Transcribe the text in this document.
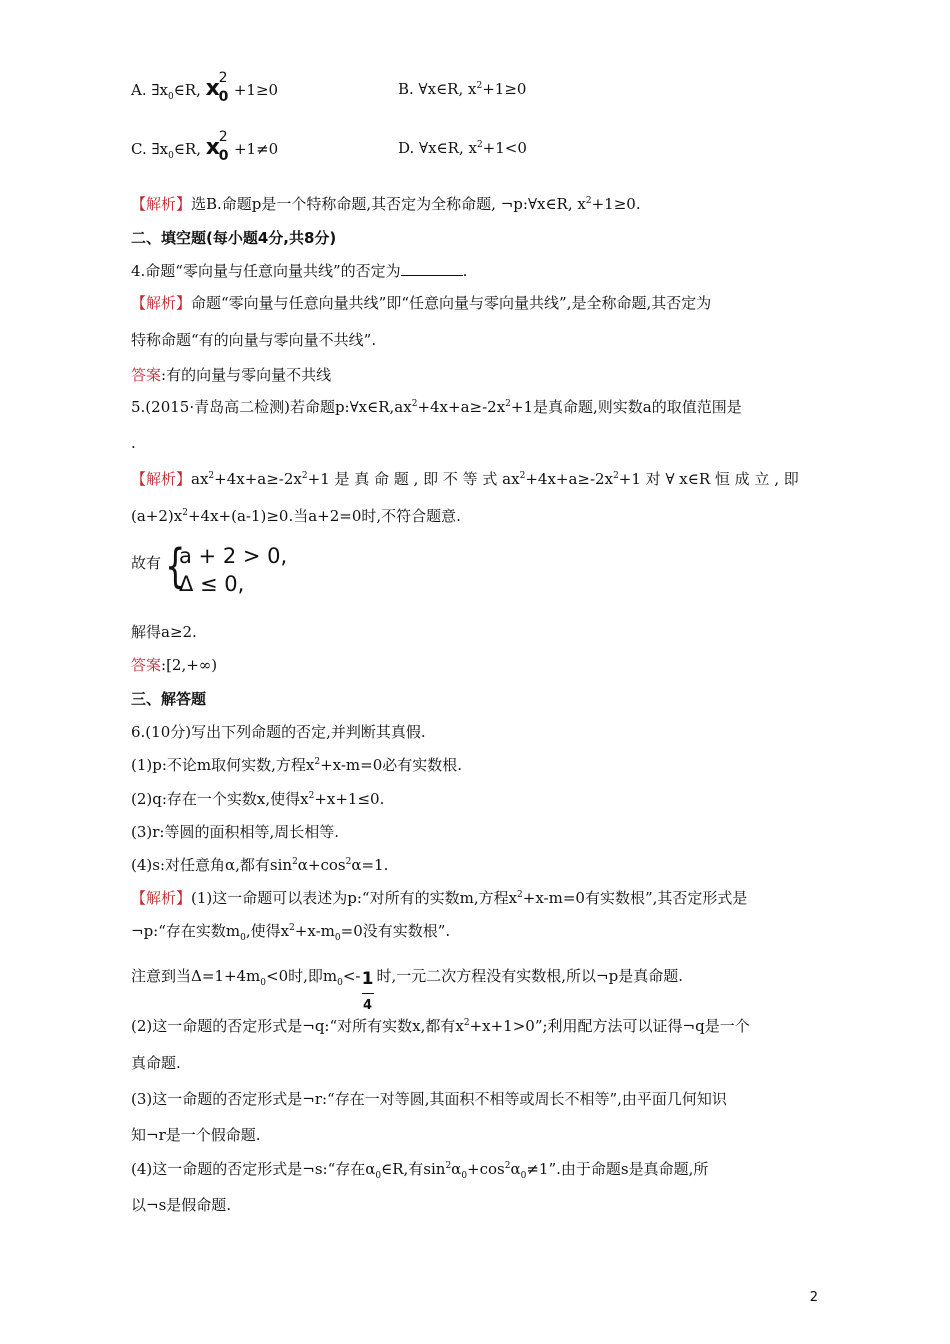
A. $\exists x_0\in R$, x
2
0 +1≥0	B. ∀x∈R, $x^2+1\ge 0$
C. $\exists x_0\in R$, x
2
0 +1≠0	D. ∀x∈R, $x^2+1<0$
【解析】选B.命题p是一个特称命题,其否定为全称命题, ¬p:∀x∈R, $x^2+1\ge 0$.
二、填空题(每小题4分,共8分)
4.命题“零向量与任意向量共线”的否定为	.
【解析】命题“零向量与任意向量共线”即“任意向量与零向量共线”,是全称命题,其否定为
特称命题“有的向量与零向量不共线”.
答案:有的向量与零向量不共线
5.(2015·青岛高二检测)若命题$p:\forall x\in R,ax^2+4x+a\ge-2x^2+1$是真命题,则实数a的取值范围是
.
【解析】$ax^2+4x+a\ge-2x^2+1$ 是 真 命 题 , 即 不 等 式 $ax^2+4x+a\ge-2x^2+1$ 对 ∀ x∈R 恒 成 立 , 即
$(a+2)x^2+4x+(a-1)\ge 0$.当a+2=0时,不符合题意.
故有 {
a + 2 > 0,
Δ ≤ 0,
解得a≥2.
答案:[2,+∞)
三、解答题
6.(10分)写出下列命题的否定,并判断其真假.
(1)p:不论m取何实数,方程$x^2+x-m=0$必有实数根.
(2)q:存在一个实数x,使得$x^2+x+1\le 0$.
(3)r:等圆的面积相等,周长相等.
(4)s:对任意角α,都有$\sin^2\alpha+\cos^2\alpha=1$.
【解析】(1)这一命题可以表述为p:“对所有的实数m,方程$x^2+x-m=0$有实数根”,其否定形式是
¬p:“存在实数$m_0$,使得$x^2+x-m_0=0$没有实数根”.
注意到当$\Delta=1+4m_0<0$时,即$m_0<-$ 1
4
时,一元二次方程没有实数根,所以¬p是真命题.
(2)这一命题的否定形式是¬q:“对所有实数x,都有$x^2+x+1>0$”;利用配方法可以证得¬q是一个
真命题.
(3)这一命题的否定形式是¬r:“存在一对等圆,其面积不相等或周长不相等”,由平面几何知识
知¬r是一个假命题.
(4)这一命题的否定形式是¬s:“存在$\alpha_0\in R$,有$\sin^2\alpha_0+\cos^2\alpha_0\ne 1$”.由于命题s是真命题,所
以¬s是假命题.
2
